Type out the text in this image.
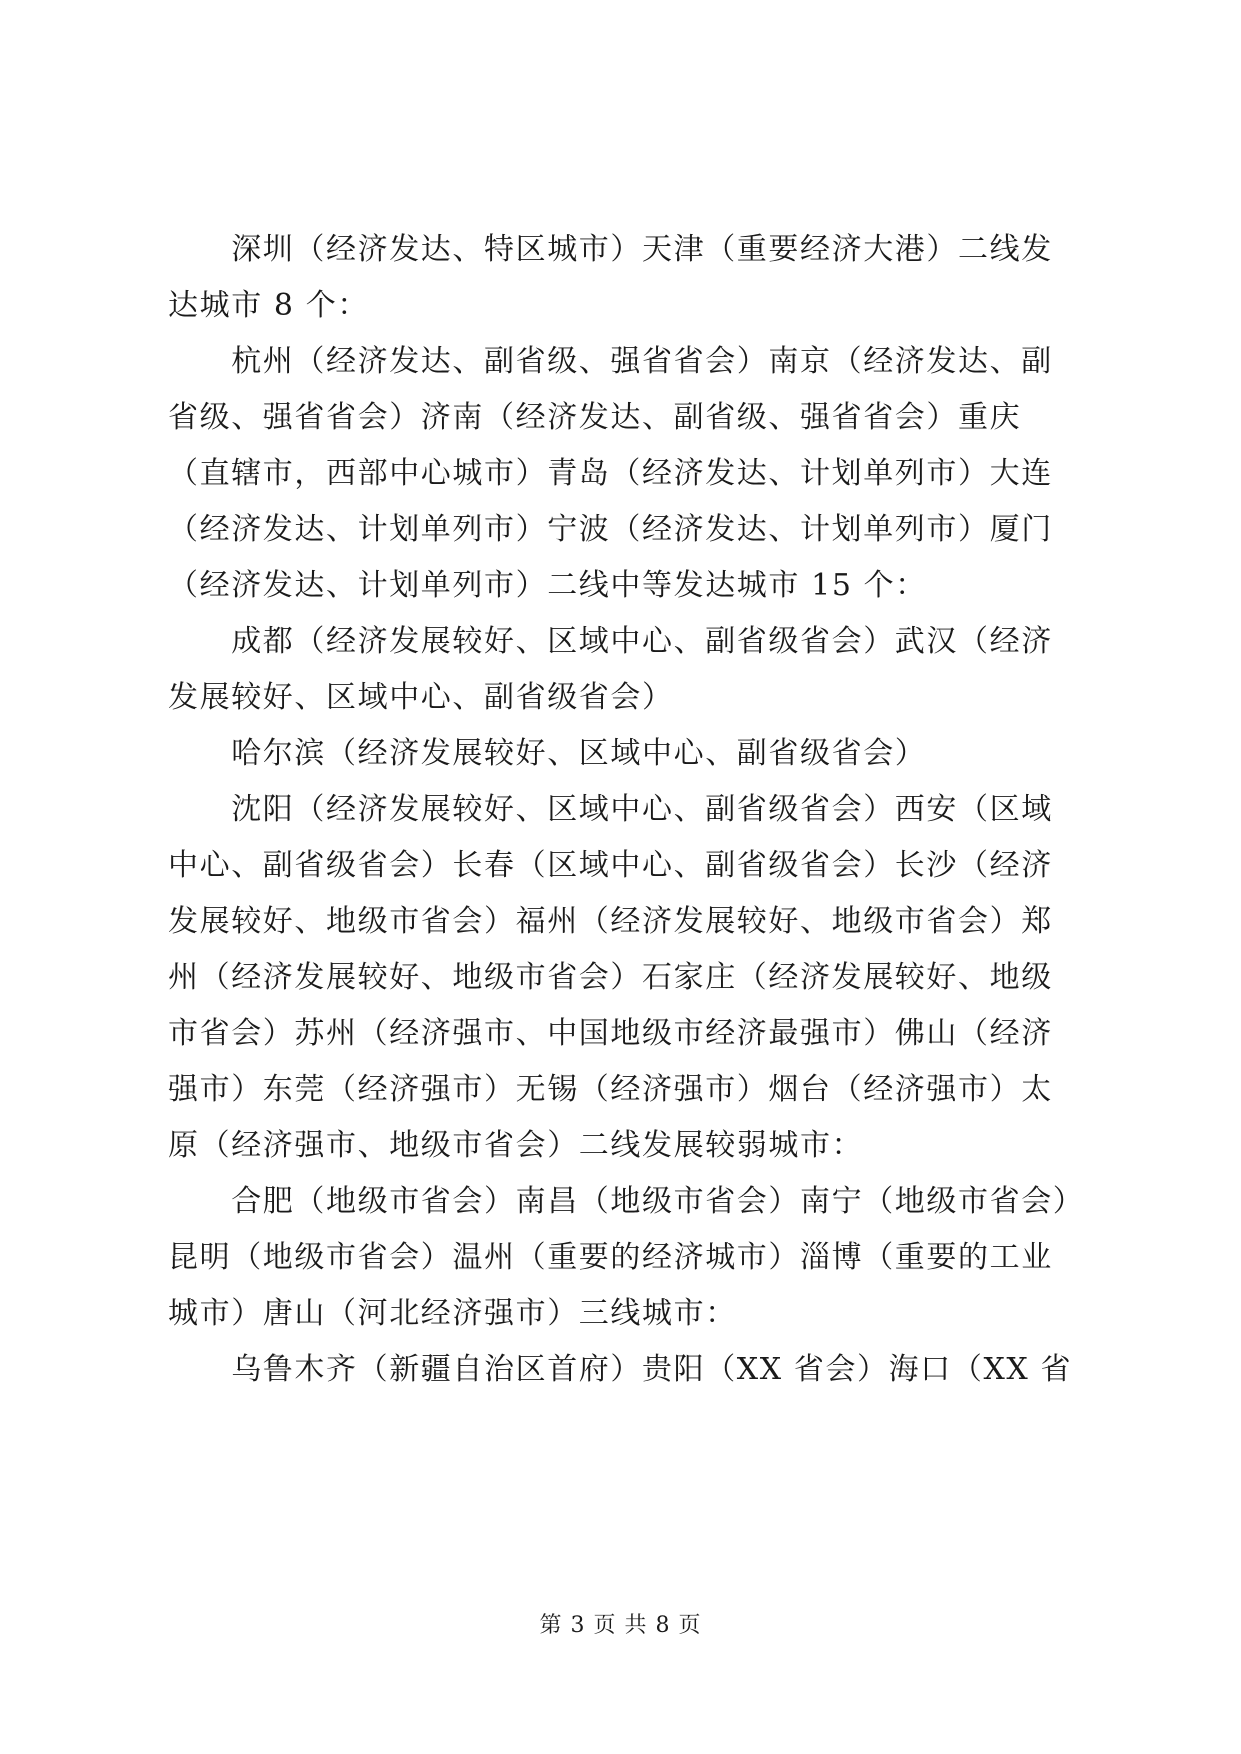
　　深圳（经济发达、特区城市）天津（重要经济大港）二线发
达城市 8 个：
　　杭州（经济发达、副省级、强省省会）南京（经济发达、副
省级、强省省会）济南（经济发达、副省级、强省省会）重庆
（直辖市，西部中心城市）青岛（经济发达、计划单列市）大连
（经济发达、计划单列市）宁波（经济发达、计划单列市）厦门
（经济发达、计划单列市）二线中等发达城市 15 个：
　　成都（经济发展较好、区域中心、副省级省会）武汉（经济
发展较好、区域中心、副省级省会）
　　哈尔滨（经济发展较好、区域中心、副省级省会）
　　沈阳（经济发展较好、区域中心、副省级省会）西安（区域
中心、副省级省会）长春（区域中心、副省级省会）长沙（经济
发展较好、地级市省会）福州（经济发展较好、地级市省会）郑
州（经济发展较好、地级市省会）石家庄（经济发展较好、地级
市省会）苏州（经济强市、中国地级市经济最强市）佛山（经济
强市）东莞（经济强市）无锡（经济强市）烟台（经济强市）太
原（经济强市、地级市省会）二线发展较弱城市：
　　合肥（地级市省会）南昌（地级市省会）南宁（地级市省会）
昆明（地级市省会）温州（重要的经济城市）淄博（重要的工业
城市）唐山（河北经济强市）三线城市：
　　乌鲁木齐（新疆自治区首府）贵阳（XX 省会）海口（XX 省
第 3 页 共 8 页
